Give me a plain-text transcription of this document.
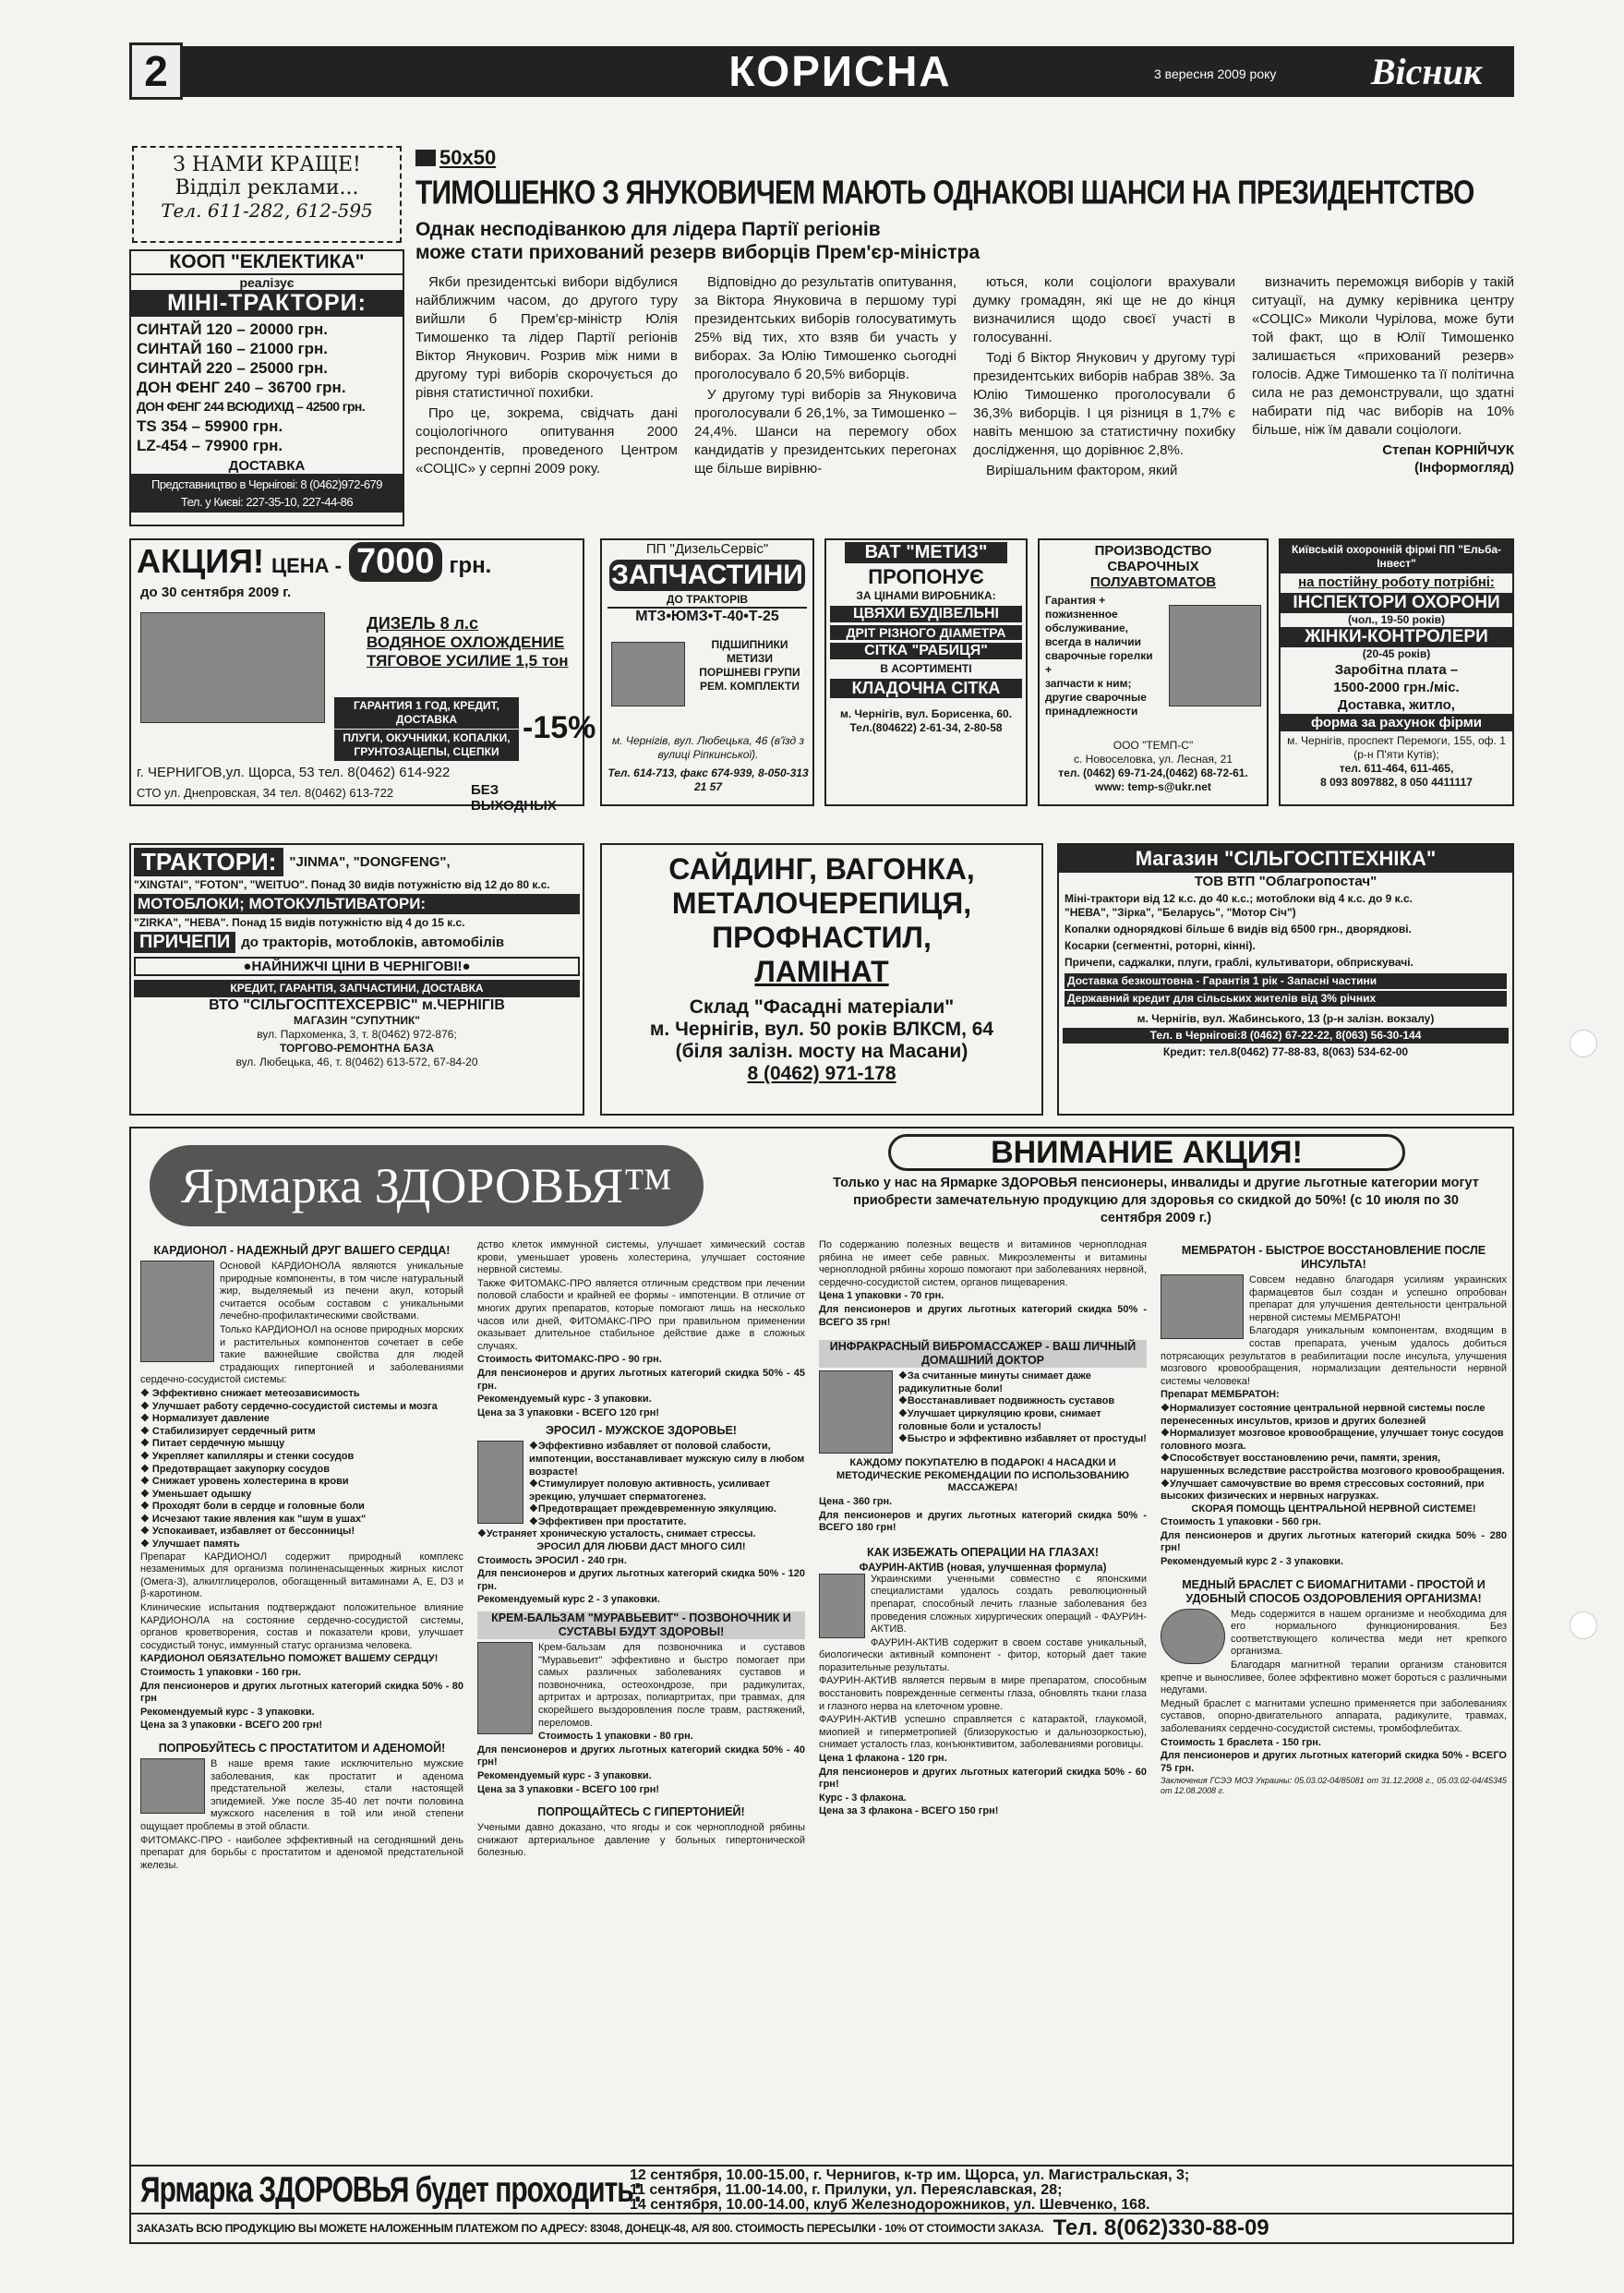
2	КОРИСНА	3 вересня 2009 року	Вісник
З НАМИ КРАЩЕ!
Відділ реклами...
Тел. 611-282, 612-595
КООП "ЕКЛЕКТИКА"
реалізує
МІНІ-ТРАКТОРИ:
СИНТАЙ 120 – 20000 грн.
СИНТАЙ 160 – 21000 грн.
СИНТАЙ 220 – 25000 грн.
ДОН ФЕНГ 240 – 36700 грн.
ДОН ФЕНГ 244 ВСЮДИХІД – 42500 грн.
TS 354 – 59900 грн.
LZ-454 – 79900 грн.
ДОСТАВКА
Представництво в Чернігові: 8 (0462)972-679
Тел. у Києві: 227-35-10, 227-44-86
50x50
ТИМОШЕНКО З ЯНУКОВИЧЕМ МАЮТЬ ОДНАКОВІ ШАНСИ НА ПРЕЗИДЕНТСТВО
Однак несподіванкою для лідера Партії регіонів
може стати прихований резерв виборців Прем'єр-міністра

Якби президентські вибори відбулися найближчим часом, до другого туру вийшли б Прем'єр-міністр Юлія Тимошенко та лідер Партії регіонів Віктор Янукович. Розрив між ними в другому турі виборів скорочується до рівня статистичної похибки.

Про це, зокрема, свідчать дані соціологічного опитування 2000 респондентів, проведеного Центром «СОЦІС» у серпні 2009 року.

Відповідно до результатів опитування, за Віктора Януковича в першому турі президентських виборів голосуватимуть 25% від тих, хто взяв би участь у виборах. За Юлію Тимошенко сьогодні проголосувало б 20,5% виборців.

У другому турі виборів за Януковича проголосували б 26,1%, за Тимошенко – 24,4%. Шанси на перемогу обох кандидатів у президентських перегонах ще більше вирівню-

ються, коли соціологи врахували думку громадян, які ще не до кінця визначилися щодо своєї участі в голосуванні.

Тоді б Віктор Янукович у другому турі президентських виборів набрав 38%. За Юлію Тимошенко проголосували б 36,3% виборців. І ця різниця в 1,7% є навіть меншою за статистичну похибку дослідження, що дорівнює 2,8%.

Вирішальним фактором, який

визначить переможця виборів у такій ситуації, на думку керівника центру «СОЦІС» Миколи Чурілова, може бути той факт, що в Юлії Тимошенко залишається «прихований резерв» голосів. Адже Тимошенко та її політична сила не раз демонстрували, що здатні набирати під час виборів на 10% більше, ніж їм давали соціологи.

Степан КОРНІЙЧУК
(Інформогляд)
АКЦИЯ! ЦЕНА - 7000 грн.
до 30 сентября 2009 г.
ДИЗЕЛЬ 8 л.с
ВОДЯНОЕ ОХЛОЖДЕНИЕ
ТЯГОВОЕ УСИЛИЕ 1,5 тон
ГАРАНТИЯ 1 ГОД, КРЕДИТ, ДОСТАВКА
ПЛУГИ, ОКУЧНИКИ, КОПАЛКИ, ГРУНТОЗАЦЕПЫ, СЦЕПКИ
-15%
г. ЧЕРНИГОВ,ул. Щорса, 53 тел. 8(0462) 614-922
СТО ул. Днепровская, 34 тел. 8(0462) 613-722	БЕЗ ВЫХОДНЫХ
ПП "ДизельСервіс"
ЗАПЧАСТИНИ
ДО ТРАКТОРІВ
МТЗ•ЮМЗ•Т-40•Т-25
ПІДШИПНИКИ
МЕТИЗИ
ПОРШНЕВІ ГРУПИ
РЕМ. КОМПЛЕКТИ
м. Чернігів, вул. Любецька, 46 (в'їзд з вулиці Ріпкинської).
Тел. 614-713, факс 674-939, 8-050-313 21 57
ВАТ "МЕТИЗ"
ПРОПОНУЄ
ЗА ЦІНАМИ ВИРОБНИКА:
ЦВЯХИ БУДІВЕЛЬНІ
ДРІТ РІЗНОГО ДІАМЕТРА
СІТКА "РАБИЦЯ"
В АСОРТИМЕНТІ
КЛАДОЧНА СІТКА
м. Чернігів, вул. Борисенка, 60.
Тел.(804622) 2-61-34, 2-80-58
ПРОИЗВОДСТВО
СВАРОЧНЫХ
ПОЛУАВТОМАТОВ
Гарантия +
пожизненное обслуживание,
всегда в наличии сварочные горелки +
запчасти к ним;
другие сварочные принадлежности
ООО "ТЕМП-С"
с. Новоселовка, ул. Лесная, 21
тел. (0462) 69-71-24,(0462) 68-72-61.
www: temp-s@ukr.net
Київській охоронній фірмі ПП "Ельба-Інвест"
на постійну роботу потрібні:
ІНСПЕКТОРИ ОХОРОНИ
(чол., 19-50 років)
ЖІНКИ-КОНТРОЛЕРИ
(20-45 років)
Заробітна плата –
1500-2000 грн./міс.
Доставка, житло,
форма за рахунок фірми
м. Чернігів, проспект Перемоги, 155, оф. 1 (р-н П'яти Кутів);
тел. 611-464, 611-465,
8 093 8097882, 8 050 4411117
ТРАКТОРИ: "JINMA", "DONGFENG",
"XINGTAI", "FOTON", "WEITUO". Понад 30 видів потужністю від 12 до 80 к.с.
МОТОБЛОКИ; МОТОКУЛЬТИВАТОРИ:
"ZIRKA", "НЕВА". Понад 15 видів потужністю від 4 до 15 к.с.
ПРИЧЕПИ до тракторів, мотоблоків, автомобілів
●НАЙНИЖЧІ ЦІНИ В ЧЕРНІГОВІ!●
КРЕДИТ, ГАРАНТІЯ, ЗАПЧАСТИНИ, ДОСТАВКА
ВТО "СІЛЬГОСПТЕХСЕРВІС" м.ЧЕРНІГІВ
МАГАЗИН "СУПУТНИК"
вул. Пархоменка, 3, т. 8(0462) 972-876;
ТОРГОВО-РЕМОНТНА БАЗА
вул. Любецька, 46, т. 8(0462) 613-572, 67-84-20
САЙДИНГ, ВАГОНКА,
МЕТАЛОЧЕРЕПИЦЯ,
ПРОФНАСТИЛ,
ЛАМІНАТ
Склад "Фасадні матеріали"
м. Чернігів, вул. 50 років ВЛКСМ, 64
(біля залізн. мосту на Масани)
8 (0462) 971-178
Магазин "СІЛЬГОСПТЕХНІКА"
ТОВ ВТП "Облагропостач"
Міні-трактори від 12 к.с. до 40 к.с.; мотоблоки від 4 к.с. до 9 к.с.
"НЕВА", "Зірка", "Беларусь", "Мотор Січ")
Копалки однорядкові більше 6 видів від 6500 грн., дворядкові.
Косарки (сегментні, роторні, кінні).
Причепи, саджалки, плуги, граблі, культиватори, обприскувачі.
Доставка безкоштовна - Гарантія 1 рік - Запасні частини
Державний кредит для сільських жителів від 3% річних
м. Чернігів, вул. Жабинського, 13 (р-н залізн. вокзалу)
Тел. в Чернігові:8 (0462) 67-22-22, 8(063) 56-30-144
Кредит: тел.8(0462) 77-88-83, 8(063) 534-62-00
Ярмарка ЗДОРОВЬЯ™
ВНИМАНИЕ АКЦИЯ!
Только у нас на Ярмарке ЗДОРОВЬЯ пенсионеры, инвалиды и другие льготные категории могут приобрести замечательную продукцию для здоровья со скидкой до 50%! (с 10 июля по 30 сентября 2009 г.)
КАРДИОНОЛ - НАДЕЖНЫЙ ДРУГ ВАШЕГО СЕРДЦА!

Основой КАРДИОНОЛА являются уникальные природные компоненты, в том числе натуральный жир, выделяемый из печени акул, который считается особым составом с уникальными лечебно-профилактическими свойствами.

Только КАРДИОНОЛ на основе природных морских и растительных компонентов сочетает в себе такие важнейшие свойства для людей страдающих гипертонией и заболеваниями сердечно-сосудистой системы:

❖ Эффективно снижает метеозависимость
❖ Улучшает работу сердечно-сосудистой системы и мозга
❖ Нормализует давление
❖ Стабилизирует сердечный ритм
❖ Питает сердечную мышцу
❖ Укрепляет капилляры и стенки сосудов
❖ Предотвращает закупорку сосудов
❖ Снижает уровень холестерина в крови
❖ Уменьшает одышку
❖ Проходят боли в сердце и головные боли
❖ Исчезают такие явления как "шум в ушах"
❖ Успокаивает, избавляет от бессонницы!
❖ Улучшает память

Препарат КАРДИОНОЛ содержит природный комплекс незаменимых для организма полиненасыщенных жирных кислот (Омега-3), алкилглицеролов, обогащенный витаминами А, Е, D3 и β-каротином.

Клинические испытания подтверждают положительное влияние КАРДИОНОЛА на состояние сердечно-сосудистой системы, органов кроветворения, состав и показатели крови, улучшает сосудистый тонус, иммунный статус организма человека.

КАРДИОНОЛ ОБЯЗАТЕЛЬНО ПОМОЖЕТ ВАШЕМУ СЕРДЦУ!

Стоимость 1 упаковки - 160 грн.

Для пенсионеров и других льготных категорий скидка 50% - 80 грн

Рекомендуемый курс - 3 упаковки.

Цена за 3 упаковки - ВСЕГО 200 грн!

ПОПРОБУЙТЕСЬ С ПРОСТАТИТОМ И АДЕНОМОЙ!

В наше время такие исключительно мужские заболевания, как простатит и аденома предстательной железы, стали настоящей эпидемией. Уже после 35-40 лет почти половина мужского населения в той или иной степени ощущает проблемы в этой области.

ФИТОМАКС-ПРО - наиболее эффективный на сегодняшний день препарат для борьбы с простатитом и аденомой предстательной железы.

дство клеток иммунной системы, улучшает химический состав крови, уменьшает уровень холестерина, улучшает состояние нервной системы.

Также ФИТОМАКС-ПРО является отличным средством при лечении половой слабости и крайней ее формы - импотенции. В отличие от многих других препаратов, которые помогают лишь на несколько часов или дней, ФИТОМАКС-ПРО при правильном применении оказывает длительное стабильное действие даже в сложных случаях.

Стоимость ФИТОМАКС-ПРО - 90 грн.

Для пенсионеров и других льготных категорий скидка 50% - 45 грн.

Рекомендуемый курс - 3 упаковки.

Цена за 3 упаковки - ВСЕГО 120 грн!

ЭРОСИЛ - МУЖСКОЕ ЗДОРОВЬЕ!
❖Эффективно избавляет от половой слабости, импотенции, восстанавливает мужскую силу в любом возрасте!
❖Стимулирует половую активность, усиливает эрекцию, улучшает сперматогенез.
❖Предотвращает преждевременную эякуляцию.
❖Эффективен при простатите.
❖Устраняет хроническую усталость, снимает стрессы.

ЭРОСИЛ ДЛЯ ЛЮБВИ ДАСТ МНОГО СИЛ!

Стоимость ЭРОСИЛ - 240 грн.

Для пенсионеров и других льготных категорий скидка 50% - 120 грн.

Рекомендуемый курс 2 - 3 упаковки.

КРЕМ-БАЛЬЗАМ "МУРАВЬЕВИТ" - ПОЗВОНОЧНИК И СУСТАВЫ БУДУТ ЗДОРОВЫ!

Крем-бальзам для позвоночника и суставов "Муравьевит" эффективно и быстро помогает при самых различных заболеваниях суставов и позвоночника, остеохондрозе, при радикулитах, артритах и артрозах, полиартритах, при травмах, для скорейшего выздоровления после травм, растяжений, переломов.

Стоимость 1 упаковки - 80 грн.

Для пенсионеров и других льготных категорий скидка 50% - 40 грн!

Рекомендуемый курс - 3 упаковки.

Цена за 3 упаковки - ВСЕГО 100 грн!

ПОПРОЩАЙТЕСЬ С ГИПЕРТОНИЕЙ!

Учеными давно доказано, что ягоды и сок черноплодной рябины снижают артериальное давление у больных гипертонической болезнью.

По содержанию полезных веществ и витаминов черноплодная рябина не имеет себе равных. Микроэлементы и витамины черноплодной рябины хорошо помогают при заболеваниях нервной, сердечно-сосудистой систем, органов пищеварения.

Цена 1 упаковки - 70 грн.

Для пенсионеров и других льготных категорий скидка 50% - ВСЕГО 35 грн!

ИНФРАКРАСНЫЙ ВИБРОМАССАЖЕР - ВАШ ЛИЧНЫЙ ДОМАШНИЙ ДОКТОР
❖За считанные минуты снимает даже радикулитные боли!
❖Восстанавливает подвижность суставов
❖Улучшает циркуляцию крови, снимает головные боли и усталость!
❖Быстро и эффективно избавляет от простуды!

КАЖДОМУ ПОКУПАТЕЛЮ В ПОДАРОК! 4 НАСАДКИ И МЕТОДИЧЕСКИЕ РЕКОМЕНДАЦИИ ПО ИСПОЛЬЗОВАНИЮ МАССАЖЕРА!

Цена - 360 грн.

Для пенсионеров и других льготных категорий скидка 50% - ВСЕГО 180 грн!

КАК ИЗБЕЖАТЬ ОПЕРАЦИИ НА ГЛАЗАХ!
ФАУРИН-АКТИВ (новая, улучшенная формула)

Украинскими ученными совместно с японскими специалистами удалось создать революционный препарат, способный лечить глазные заболевания без проведения сложных хирургических операций - ФАУРИН-АКТИВ.

ФАУРИН-АКТИВ содержит в своем составе уникальный, биологически активный компонент - фитор, который дает такие поразительные результаты.

ФАУРИН-АКТИВ является первым в мире препаратом, способным восстановить поврежденные сегменты глаза, обновлять ткани глаза и глазного нерва на клеточном уровне.

ФАУРИН-АКТИВ успешно справляется с катарактой, глаукомой, миопией и гиперметропией (близорукостью и дальнозоркостью), снимает усталость глаз, конъюнктивитом, заболеваниями роговицы.

Цена 1 флакона - 120 грн.

Для пенсионеров и других льготных категорий скидка 50% - 60 грн!

Курс - 3 флакона.

Цена за 3 флакона - ВСЕГО 150 грн!

МЕМБРАТОН - БЫСТРОЕ ВОССТАНОВЛЕНИЕ ПОСЛЕ ИНСУЛЬТА!

Совсем недавно благодаря усилиям украинских фармацевтов был создан и успешно опробован препарат для улучшения деятельности центральной нервной системы МЕМБРАТОН!

Благодаря уникальным компонентам, входящим в состав препарата, ученым удалось добиться потрясающих результатов в реабилитации после инсульта, улучшения мозгового кровообращения, нормализации деятельности нервной системы человека!

Препарат МЕМБРАТОН:

❖Нормализует состояние центральной нервной системы после перенесенных инсультов, кризов и других болезней
❖Нормализует мозговое кровообращение, улучшает тонус сосудов головного мозга.
❖Способствует восстановлению речи, памяти, зрения, нарушенных вследствие расстройства мозгового кровообращения.
❖Улучшает самочувствие во время стрессовых состояний, при высоких физических и нервных нагрузках.

СКОРАЯ ПОМОЩЬ ЦЕНТРАЛЬНОЙ НЕРВНОЙ СИСТЕМЕ!

Стоимость 1 упаковки - 560 грн.

Для пенсионеров и других льготных категорий скидка 50% - 280 грн!

Рекомендуемый курс 2 - 3 упаковки.

МЕДНЫЙ БРАСЛЕТ С БИОМАГНИТАМИ - ПРОСТОЙ И УДОБНЫЙ СПОСОБ ОЗДОРОВЛЕНИЯ ОРГАНИЗМА!

Медь содержится в нашем организме и необходима для его нормального функционирования. Без соответствующего количества меди нет крепкого организма.

Благодаря магнитной терапии организм становится крепче и выносливее, более эффективно может бороться с различными недугами.

Медный браслет с магнитами успешно применяется при заболеваниях суставов, опорно-двигательного аппарата, радикулите, травмах, заболеваниях сердечно-сосудистой системы, тромбофлебитах.

Стоимость 1 браслета - 150 грн.

Для пенсионеров и других льготных категорий скидка 50% - ВСЕГО 75 грн.

Заключения ГСЭЭ МОЗ Украины: 05.03.02-04/85081 от 31.12.2008 г., 05.03.02-04/45345 от 12.08.2008 г.

Ярмарка ЗДОРОВЬЯ будет проходить:
12 сентября, 10.00-15.00, г. Чернигов, к-тр им. Щорса, ул. Магистральская, 3;
11 сентября, 11.00-14.00, г. Прилуки, ул. Переяславская, 28;
14 сентября, 10.00-14.00, клуб Железнодорожников, ул. Шевченко, 168.
ЗАКАЗАТЬ ВСЮ ПРОДУКЦИЮ ВЫ МОЖЕТЕ НАЛОЖЕННЫМ ПЛАТЕЖОМ ПО АДРЕСУ: 83048, ДОНЕЦК-48, А/Я 800. СТОИМОСТЬ ПЕРЕСЫЛКИ - 10% ОТ СТОИМОСТИ ЗАКАЗА. Тел. 8(062)330-88-09
